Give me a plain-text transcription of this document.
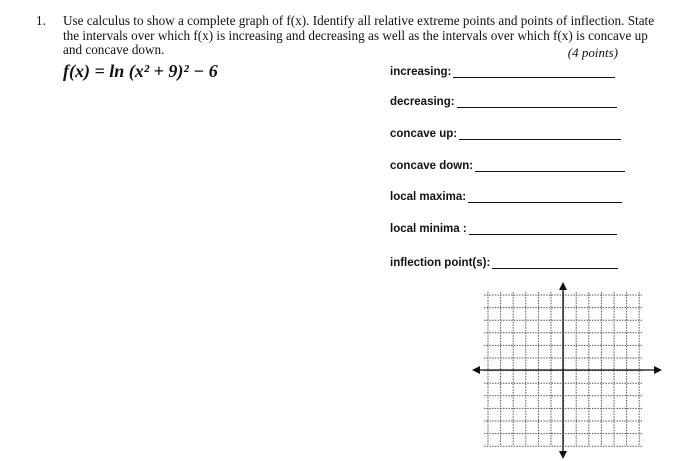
1. Use calculus to show a complete graph of f(x). Identify all relative extreme points and points of inflection. State the intervals over which f(x) is increasing and decreasing as well as the intervals over which f(x) is concave up and concave down.	(4 points)
f(x) = ln (x² + 9)² − 6	increasing:
decreasing:
concave up:
concave down:
local maxima:
local minima :
inflection point(s):
